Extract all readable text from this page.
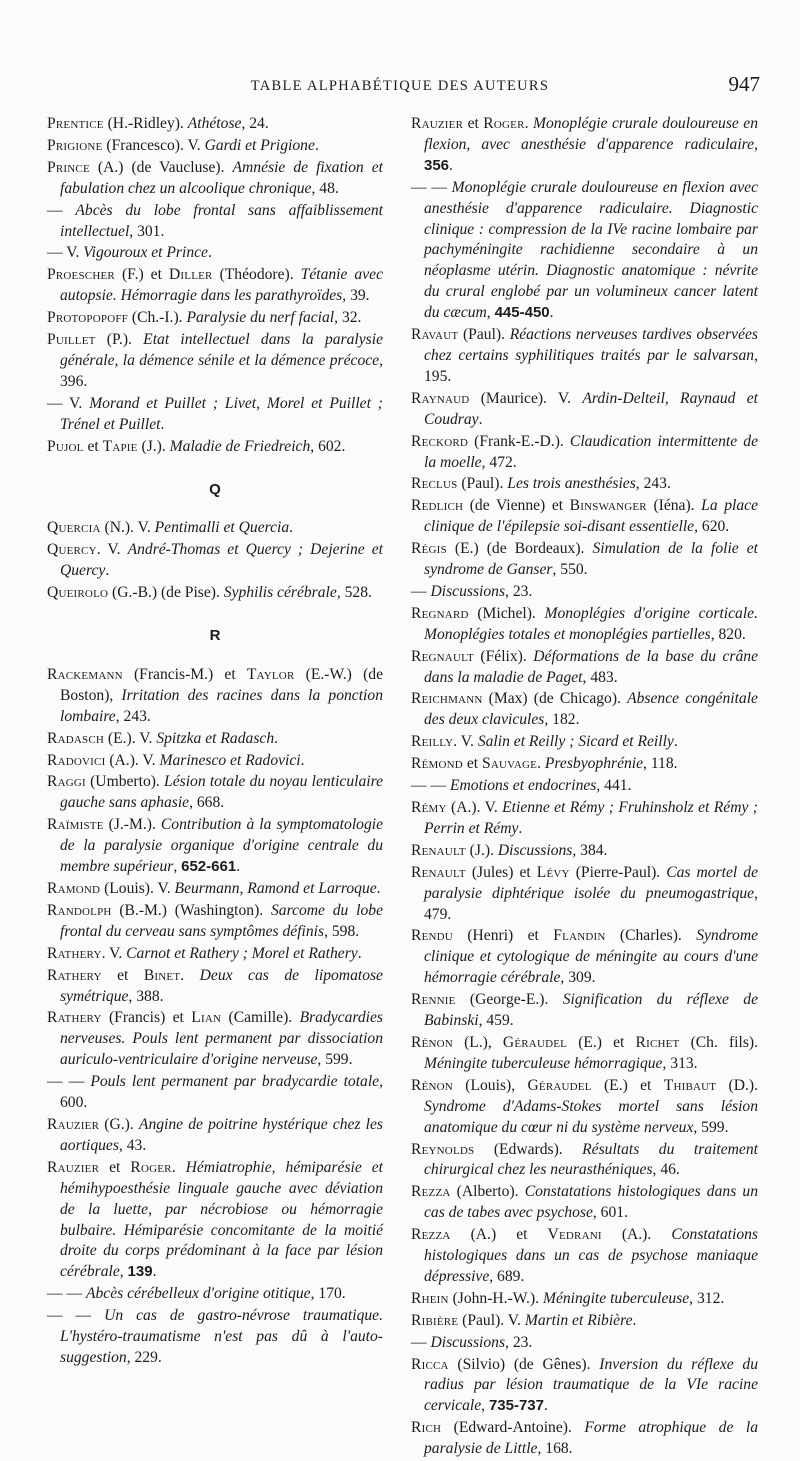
TABLE ALPHABÉTIQUE DES AUTEURS	947

Prentice (H.-Ridley). Athétose, 24.

Prigione (Francesco). V. Gardi et Prigione.

Prince (A.) (de Vaucluse). Amnésie de fixation et fabulation chez un alcoolique chronique, 48.

— Abcès du lobe frontal sans affaiblissement intellectuel, 301.

— V. Vigouroux et Prince.

Proescher (F.) et Diller (Théodore). Tétanie avec autopsie. Hémorragie dans les parathyroïdes, 39.

Protopopoff (Ch.-I.). Paralysie du nerf facial, 32.

Puillet (P.). Etat intellectuel dans la paralysie générale, la démence sénile et la démence précoce, 396.

— V. Morand et Puillet ; Livet, Morel et Puillet ; Trénel et Puillet.

Pujol et Tapie (J.). Maladie de Friedreich, 602.

Q

Quercia (N.). V. Pentimalli et Quercia.

Quercy. V. André-Thomas et Quercy ; Dejerine et Quercy.

Queirolo (G.-B.) (de Pise). Syphilis cérébrale, 528.

R

Rackemann (Francis-M.) et Taylor (E.-W.) (de Boston), Irritation des racines dans la ponction lombaire, 243.

Radasch (E.). V. Spitzka et Radasch.

Radovici (A.). V. Marinesco et Radovici.

Raggi (Umberto). Lésion totale du noyau lenticulaire gauche sans aphasie, 668.

Raïmiste (J.-M.). Contribution à la symptomatologie de la paralysie organique d'origine centrale du membre supérieur, 652-661.

Ramond (Louis). V. Beurmann, Ramond et Larroque.

Randolph (B.-M.) (Washington). Sarcome du lobe frontal du cerveau sans symptômes définis, 598.

Rathery. V. Carnot et Rathery ; Morel et Rathery.

Rathery et Binet. Deux cas de lipomatose symétrique, 388.

Rathery (Francis) et Lian (Camille). Bradycardies nerveuses. Pouls lent permanent par dissociation auriculo-ventriculaire d'origine nerveuse, 599.

— — Pouls lent permanent par bradycardie totale, 600.

Rauzier (G.). Angine de poitrine hystérique chez les aortiques, 43.

Rauzier et Roger. Hémiatrophie, hémiparésie et hémihypoesthésie linguale gauche avec déviation de la luette, par nécrobiose ou hémorragie bulbaire. Hémiparésie concomitante de la moitié droite du corps prédominant à la face par lésion cérébrale, 139.

— — Abcès cérébelleux d'origine otitique, 170.

— — Un cas de gastro-névrose traumatique. L'hystéro-traumatisme n'est pas dû à l'auto-suggestion, 229.

Rauzier et Roger. Monoplégie crurale douloureuse en flexion, avec anesthésie d'apparence radiculaire, 356.

— — Monoplégie crurale douloureuse en flexion avec anesthésie d'apparence radiculaire. Diagnostic clinique : compression de la IVe racine lombaire par pachyméningite rachidienne secondaire à un néoplasme utérin. Diagnostic anatomique : névrite du crural englobé par un volumineux cancer latent du cæcum, 445-450.

Ravaut (Paul). Réactions nerveuses tardives observées chez certains syphilitiques traités par le salvarsan, 195.

Raynaud (Maurice). V. Ardin-Delteil, Raynaud et Coudray.

Reckord (Frank-E.-D.). Claudication intermittente de la moelle, 472.

Reclus (Paul). Les trois anesthésies, 243.

Redlich (de Vienne) et Binswanger (Iéna). La place clinique de l'épilepsie soi-disant essentielle, 620.

Régis (E.) (de Bordeaux). Simulation de la folie et syndrome de Ganser, 550.

— Discussions, 23.

Regnard (Michel). Monoplégies d'origine corticale. Monoplégies totales et monoplégies partielles, 820.

Regnault (Félix). Déformations de la base du crâne dans la maladie de Paget, 483.

Reichmann (Max) (de Chicago). Absence congénitale des deux clavicules, 182.

Reilly. V. Salin et Reilly ; Sicard et Reilly.

Rémond et Sauvage. Presbyophrénie, 118.

— — Emotions et endocrines, 441.

Rémy (A.). V. Etienne et Rémy ; Fruhinsholz et Rémy ; Perrin et Rémy.

Renault (J.). Discussions, 384.

Renault (Jules) et Lévy (Pierre-Paul). Cas mortel de paralysie diphtérique isolée du pneumogastrique, 479.

Rendu (Henri) et Flandin (Charles). Syndrome clinique et cytologique de méningite au cours d'une hémorragie cérébrale, 309.

Rennie (George-E.). Signification du réflexe de Babinski, 459.

Rénon (L.), Géraudel (E.) et Richet (Ch. fils). Méningite tuberculeuse hémorragique, 313.

Rénon (Louis), Géraudel (E.) et Thibaut (D.). Syndrome d'Adams-Stokes mortel sans lésion anatomique du cœur ni du système nerveux, 599.

Reynolds (Edwards). Résultats du traitement chirurgical chez les neurasthéniques, 46.

Rezza (Alberto). Constatations histologiques dans un cas de tabes avec psychose, 601.

Rezza (A.) et Vedrani (A.). Constatations histologiques dans un cas de psychose maniaque dépressive, 689.

Rhein (John-H.-W.). Méningite tuberculeuse, 312.

Ribière (Paul). V. Martin et Ribière.

— Discussions, 23.

Ricca (Silvio) (de Gênes). Inversion du réflexe du radius par lésion traumatique de la VIe racine cervicale, 735-737.

Rich (Edward-Antoine). Forme atrophique de la paralysie de Little, 168.
